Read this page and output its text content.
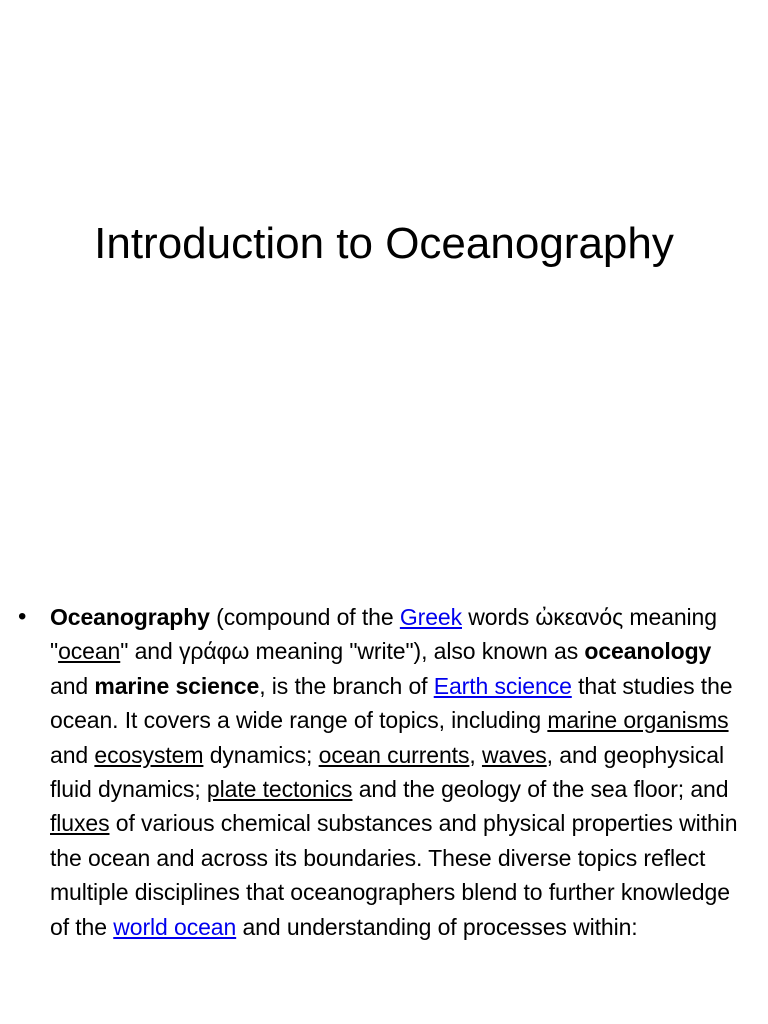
Introduction to Oceanography
• Oceanography (compound of the Greek words ὠκεανός meaning "ocean" and γράφω meaning "write"), also known as oceanology and marine science, is the branch of Earth science that studies the ocean. It covers a wide range of topics, including marine organisms and ecosystem dynamics; ocean currents, waves, and geophysical fluid dynamics; plate tectonics and the geology of the sea floor; and fluxes of various chemical substances and physical properties within the ocean and across its boundaries. These diverse topics reflect multiple disciplines that oceanographers blend to further knowledge of the world ocean and understanding of processes within:
